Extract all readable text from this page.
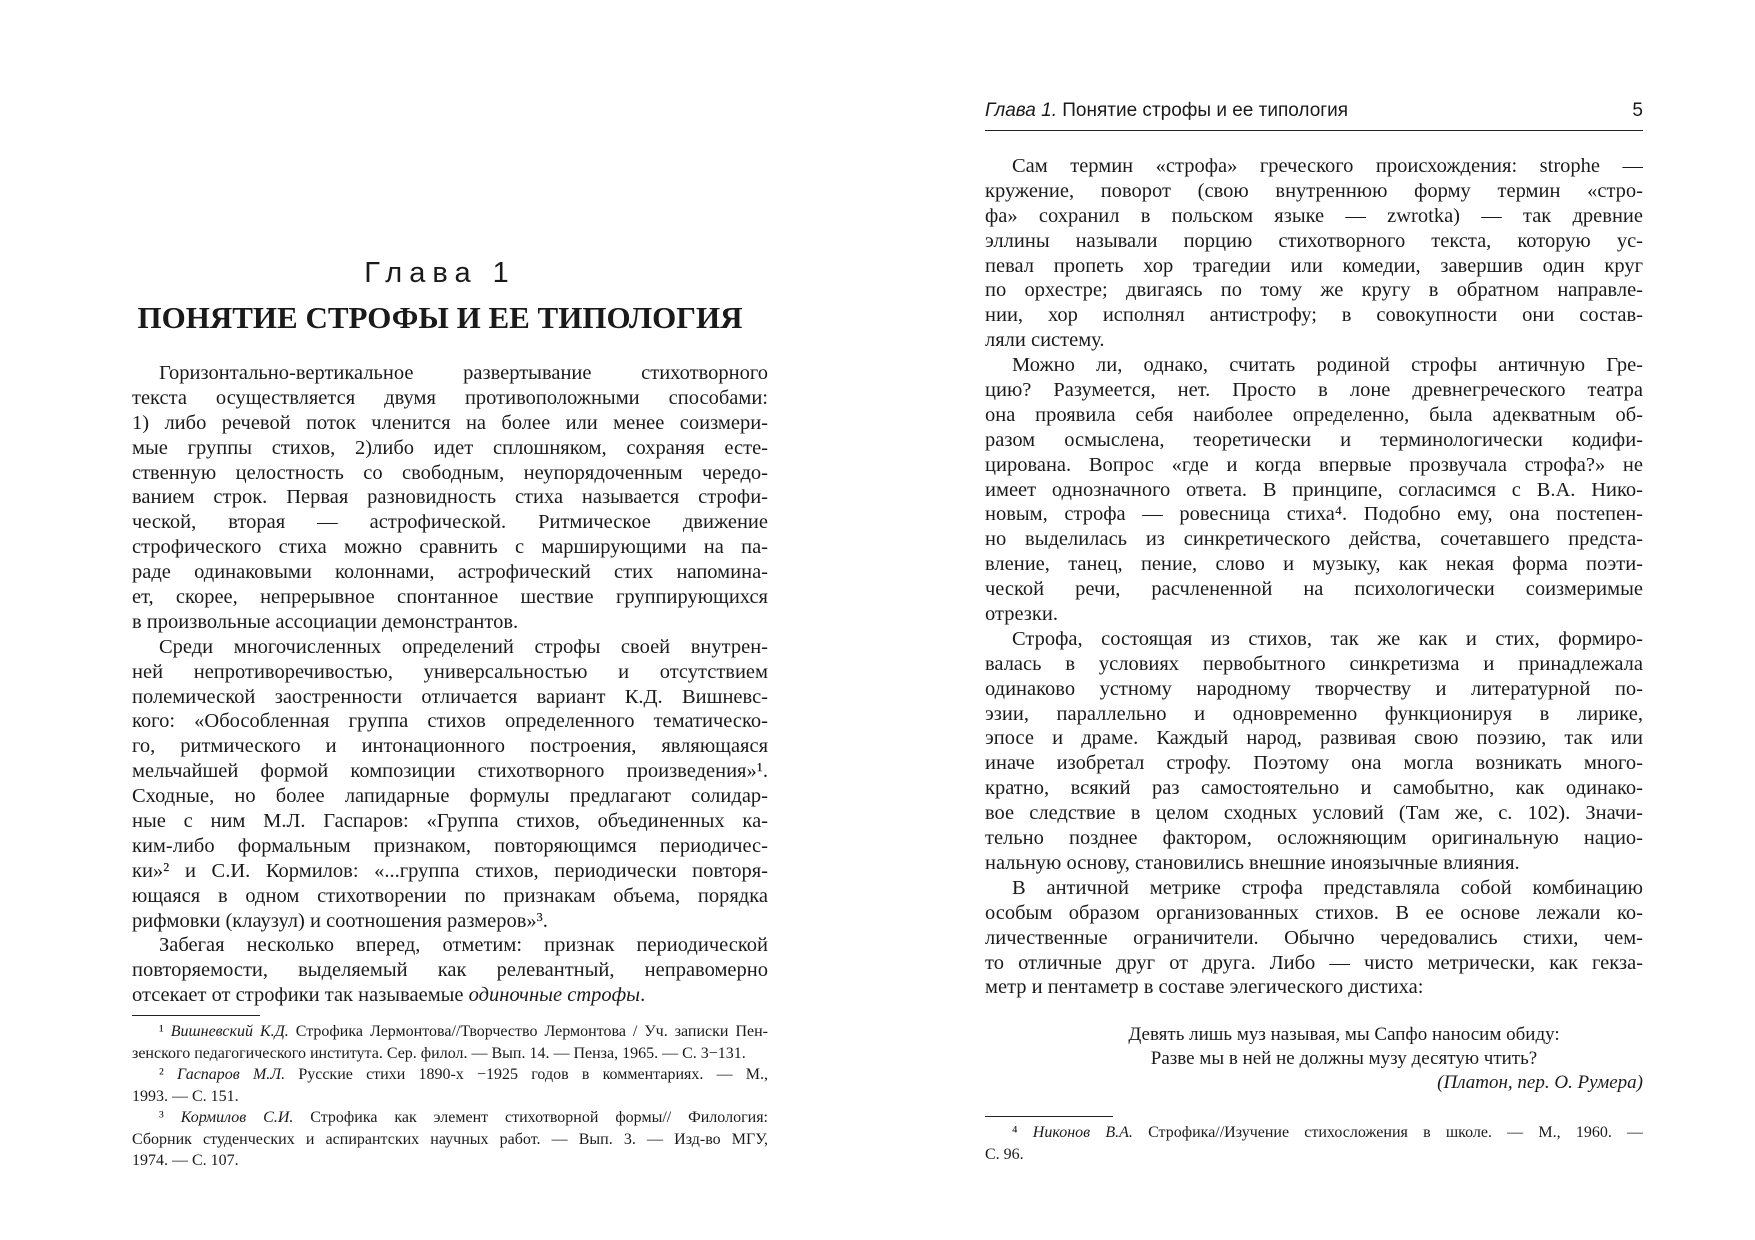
Глава 1
ПОНЯТИЕ СТРОФЫ И ЕЕ ТИПОЛОГИЯ
Горизонтально-вертикальное развертывание стихотворного
текста осуществляется двумя противоположными способами:
1) либо речевой поток членится на более или менее соизмери-
мые группы стихов, 2)либо идет сплошняком, сохраняя есте-
ственную целостность со свободным, неупорядоченным чередо-
ванием строк. Первая разновидность стиха называется строфи-
ческой, вторая — астрофической. Ритмическое движение
строфического стиха можно сравнить с марширующими на па-
раде одинаковыми колоннами, астрофический стих напомина-
ет, скорее, непрерывное спонтанное шествие группирующихся
в произвольные ассоциации демонстрантов.
Среди многочисленных определений строфы своей внутрен-
ней непротиворечивостью, универсальностью и отсутствием
полемической заостренности отличается вариант К.Д. Вишневс-
кого: «Обособленная группа стихов определенного тематическо-
го, ритмического и интонационного построения, являющаяся
мельчайшей формой композиции стихотворного произведения»¹.
Сходные, но более лапидарные формулы предлагают солидар-
ные с ним М.Л. Гаспаров: «Группа стихов, объединенных ка-
ким-либо формальным признаком, повторяющимся периодичес-
ки»² и С.И. Кормилов: «...группа стихов, периодически повторя-
ющаяся в одном стихотворении по признакам объема, порядка
рифмовки (клаузул) и соотношения размеров»³.
Забегая несколько вперед, отметим: признак периодической
повторяемости, выделяемый как релевантный, неправомерно
отсекает от строфики так называемые одиночные строфы.
¹ Вишневский К.Д. Строфика Лермонтова//Творчество Лермонтова / Уч. записки Пен-
зенского педагогического института. Сер. филол. — Вып. 14. — Пенза, 1965. — С. 3−131.
² Гаспаров М.Л. Русские стихи 1890-х −1925 годов в комментариях. — М.,
1993. — С. 151.
³ Кормилов С.И. Строфика как элемент стихотворной формы// Филология:
Сборник студенческих и аспирантских научных работ. — Вып. 3. — Изд-во МГУ,
1974. — С. 107.
Глава 1. Понятие строфы и ее типология	5
Сам термин «строфа» греческого происхождения: strophe —
кружение, поворот (свою внутреннюю форму термин «стро-
фа» сохранил в польском языке — zwrotka) — так древние
эллины называли порцию стихотворного текста, которую ус-
певал пропеть хор трагедии или комедии, завершив один круг
по орхестре; двигаясь по тому же кругу в обратном направле-
нии, хор исполнял антистрофу; в совокупности они состав-
ляли систему.
Можно ли, однако, считать родиной строфы античную Гре-
цию? Разумеется, нет. Просто в лоне древнегреческого театра
она проявила себя наиболее определенно, была адекватным об-
разом осмыслена, теоретически и терминологически кодифи-
цирована. Вопрос «где и когда впервые прозвучала строфа?» не
имеет однозначного ответа. В принципе, согласимся с В.А. Нико-
новым, строфа — ровесница стиха⁴. Подобно ему, она постепен-
но выделилась из синкретического действа, сочетавшего предста-
вление, танец, пение, слово и музыку, как некая форма поэти-
ческой речи, расчлененной на психологически соизмеримые
отрезки.
Строфа, состоящая из стихов, так же как и стих, формиро-
валась в условиях первобытного синкретизма и принадлежала
одинаково устному народному творчеству и литературной по-
эзии, параллельно и одновременно функционируя в лирике,
эпосе и драме. Каждый народ, развивая свою поэзию, так или
иначе изобретал строфу. Поэтому она могла возникать много-
кратно, всякий раз самостоятельно и самобытно, как одинако-
вое следствие в целом сходных условий (Там же, с. 102). Значи-
тельно позднее фактором, осложняющим оригинальную нацио-
нальную основу, становились внешние иноязычные влияния.
В античной метрике строфа представляла собой комбинацию
особым образом организованных стихов. В ее основе лежали ко-
личественные ограничители. Обычно чередовались стихи, чем-
то отличные друг от друга. Либо — чисто метрически, как гекза-
метр и пентаметр в составе элегического дистиха:
Девять лишь муз называя, мы Сапфо наносим обиду:
Разве мы в ней не должны музу десятую чтить?
(Платон, пер. О. Румера)
⁴ Никонов В.А. Строфика//Изучение стихосложения в школе. — М., 1960. —
С. 96.
